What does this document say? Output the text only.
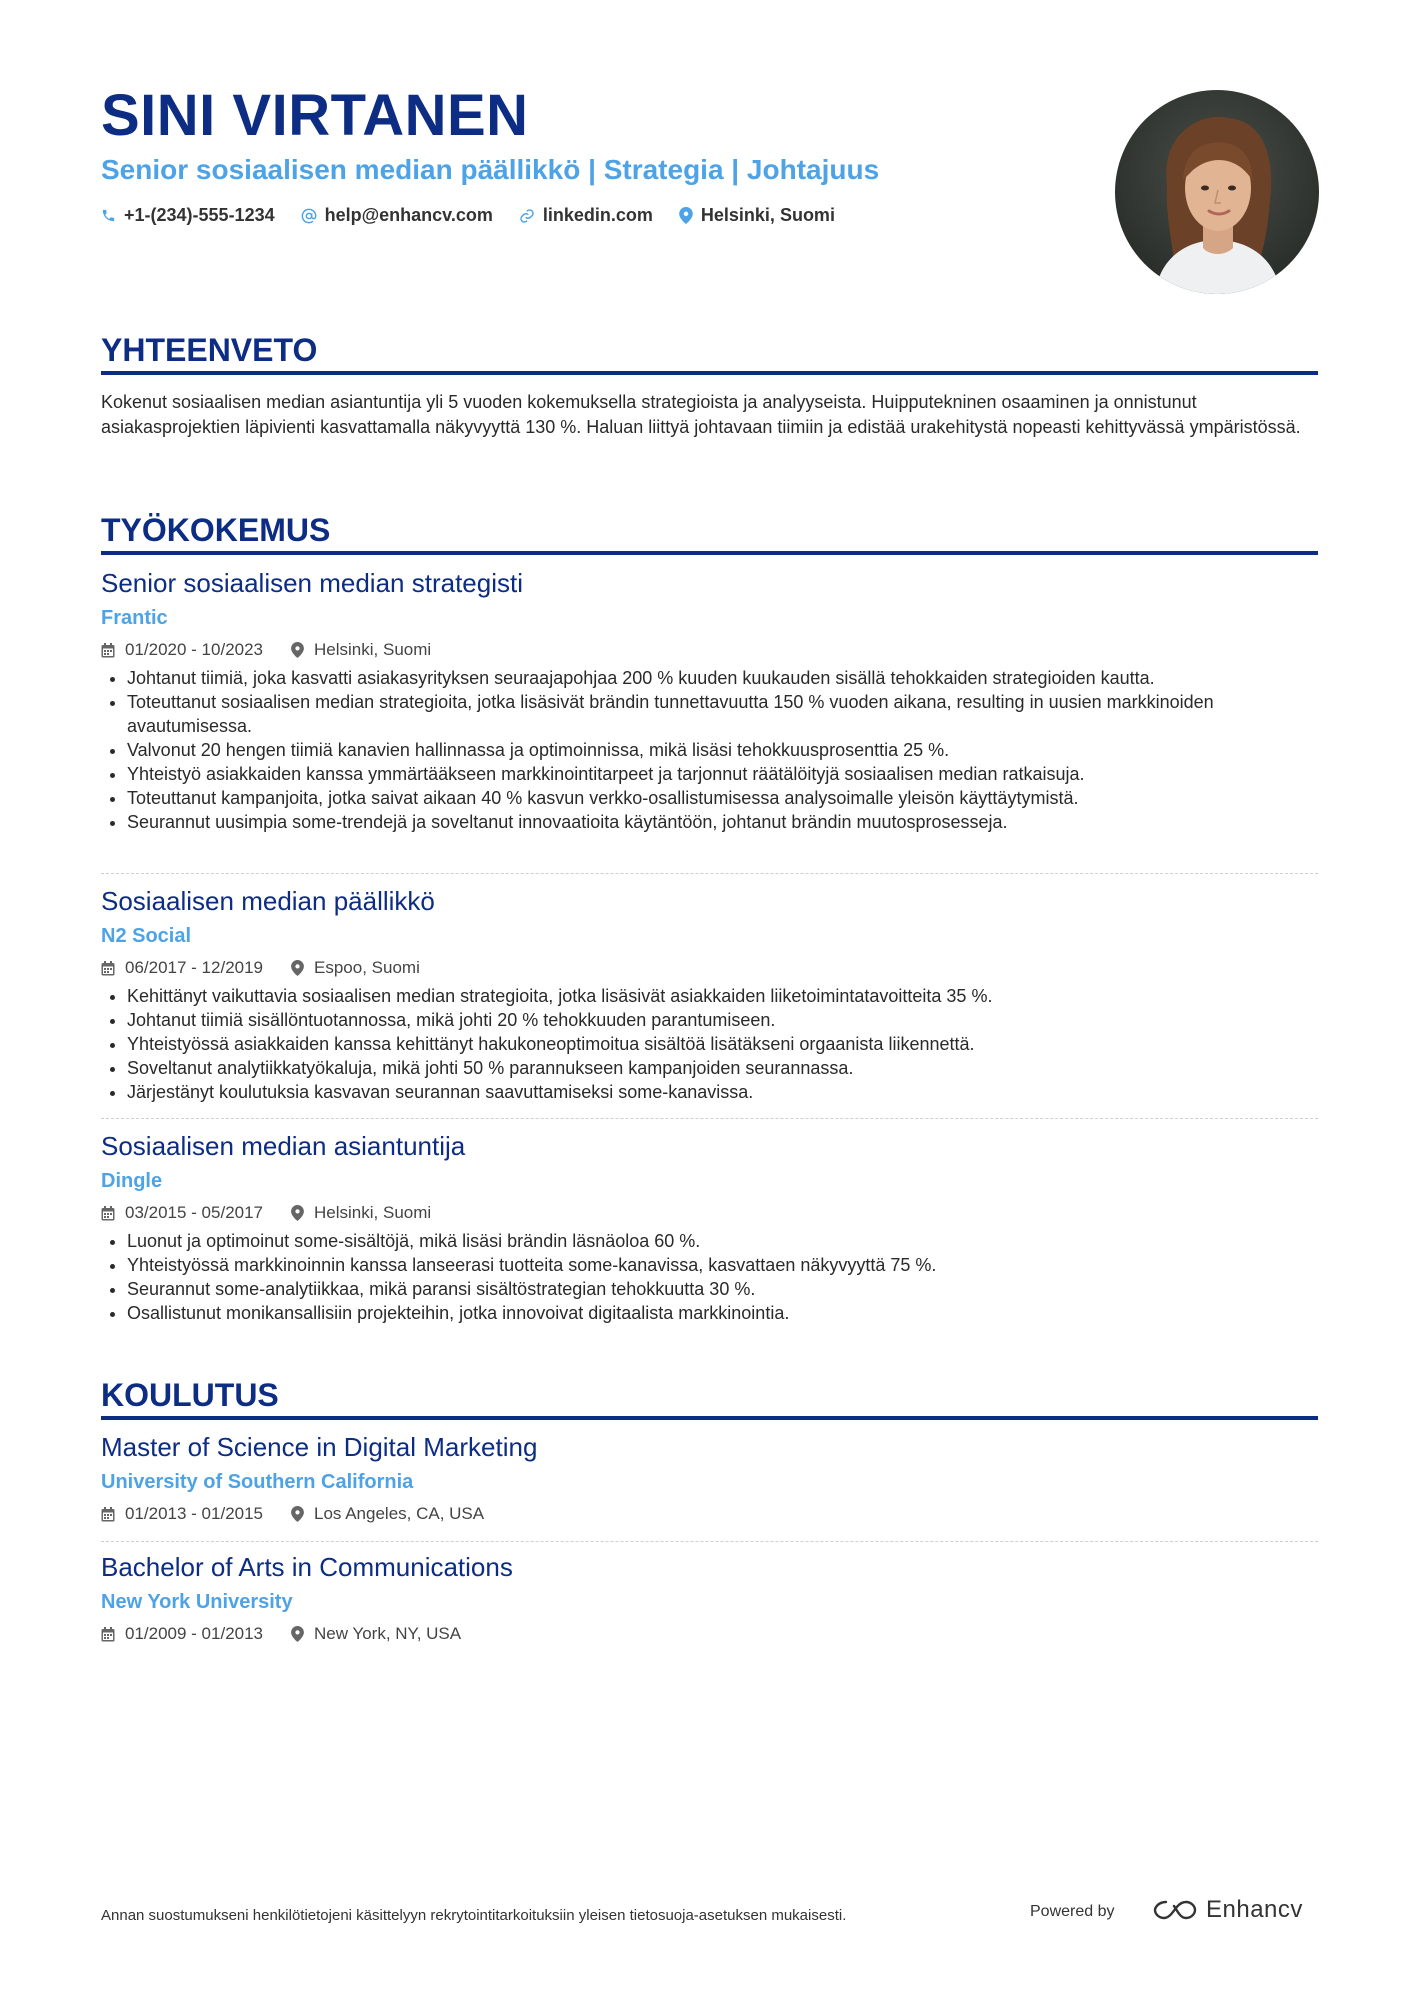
SINI VIRTANEN
Senior sosiaalisen median päällikkö | Strategia | Johtajuus
+1-(234)-555-1234	help@enhancv.com	linkedin.com	Helsinki, Suomi
YHTEENVETO
Kokenut sosiaalisen median asiantuntija yli 5 vuoden kokemuksella strategioista ja analyyseista. Huipputekninen osaaminen ja onnistunut asiakasprojektien läpivienti kasvattamalla näkyvyyttä 130 %. Haluan liittyä johtavaan tiimiin ja edistää urakehitystä nopeasti kehittyvässä ympäristössä.
TYÖKOKEMUS
Senior sosiaalisen median strategisti
Frantic
01/2020 - 10/2023	Helsinki, Suomi
• Johtanut tiimiä, joka kasvatti asiakasyrityksen seuraajapohjaa 200 % kuuden kuukauden sisällä tehokkaiden strategioiden kautta.
• Toteuttanut sosiaalisen median strategioita, jotka lisäsivät brändin tunnettavuutta 150 % vuoden aikana, resulting in uusien markkinoiden avautumisessa.
• Valvonut 20 hengen tiimiä kanavien hallinnassa ja optimoinnissa, mikä lisäsi tehokkuusprosenttia 25 %.
• Yhteistyö asiakkaiden kanssa ymmärtääkseen markkinointitarpeet ja tarjonnut räätälöityjä sosiaalisen median ratkaisuja.
• Toteuttanut kampanjoita, jotka saivat aikaan 40 % kasvun verkko-osallistumisessa analysoimalle yleisön käyttäytymistä.
• Seurannut uusimpia some-trendejä ja soveltanut innovaatioita käytäntöön, johtanut brändin muutosprosesseja.
Sosiaalisen median päällikkö
N2 Social
06/2017 - 12/2019	Espoo, Suomi
• Kehittänyt vaikuttavia sosiaalisen median strategioita, jotka lisäsivät asiakkaiden liiketoimintatavoitteita 35 %.
• Johtanut tiimiä sisällöntuotannossa, mikä johti 20 % tehokkuuden parantumiseen.
• Yhteistyössä asiakkaiden kanssa kehittänyt hakukoneoptimoitua sisältöä lisätäkseni orgaanista liikennettä.
• Soveltanut analytiikkatyökaluja, mikä johti 50 % parannukseen kampanjoiden seurannassa.
• Järjestänyt koulutuksia kasvavan seurannan saavuttamiseksi some-kanavissa.
Sosiaalisen median asiantuntija
Dingle
03/2015 - 05/2017	Helsinki, Suomi
• Luonut ja optimoinut some-sisältöjä, mikä lisäsi brändin läsnäoloa 60 %.
• Yhteistyössä markkinoinnin kanssa lanseerasi tuotteita some-kanavissa, kasvattaen näkyvyyttä 75 %.
• Seurannut some-analytiikkaa, mikä paransi sisältöstrategian tehokkuutta 30 %.
• Osallistunut monikansallisiin projekteihin, jotka innovoivat digitaalista markkinointia.
KOULUTUS
Master of Science in Digital Marketing
University of Southern California
01/2013 - 01/2015	Los Angeles, CA, USA
Bachelor of Arts in Communications
New York University
01/2009 - 01/2013	New York, NY, USA
Annan suostumukseni henkilötietojeni käsittelyyn rekrytointitarkoituksiin yleisen tietosuoja-asetuksen mukaisesti.	Powered by	Enhancv
